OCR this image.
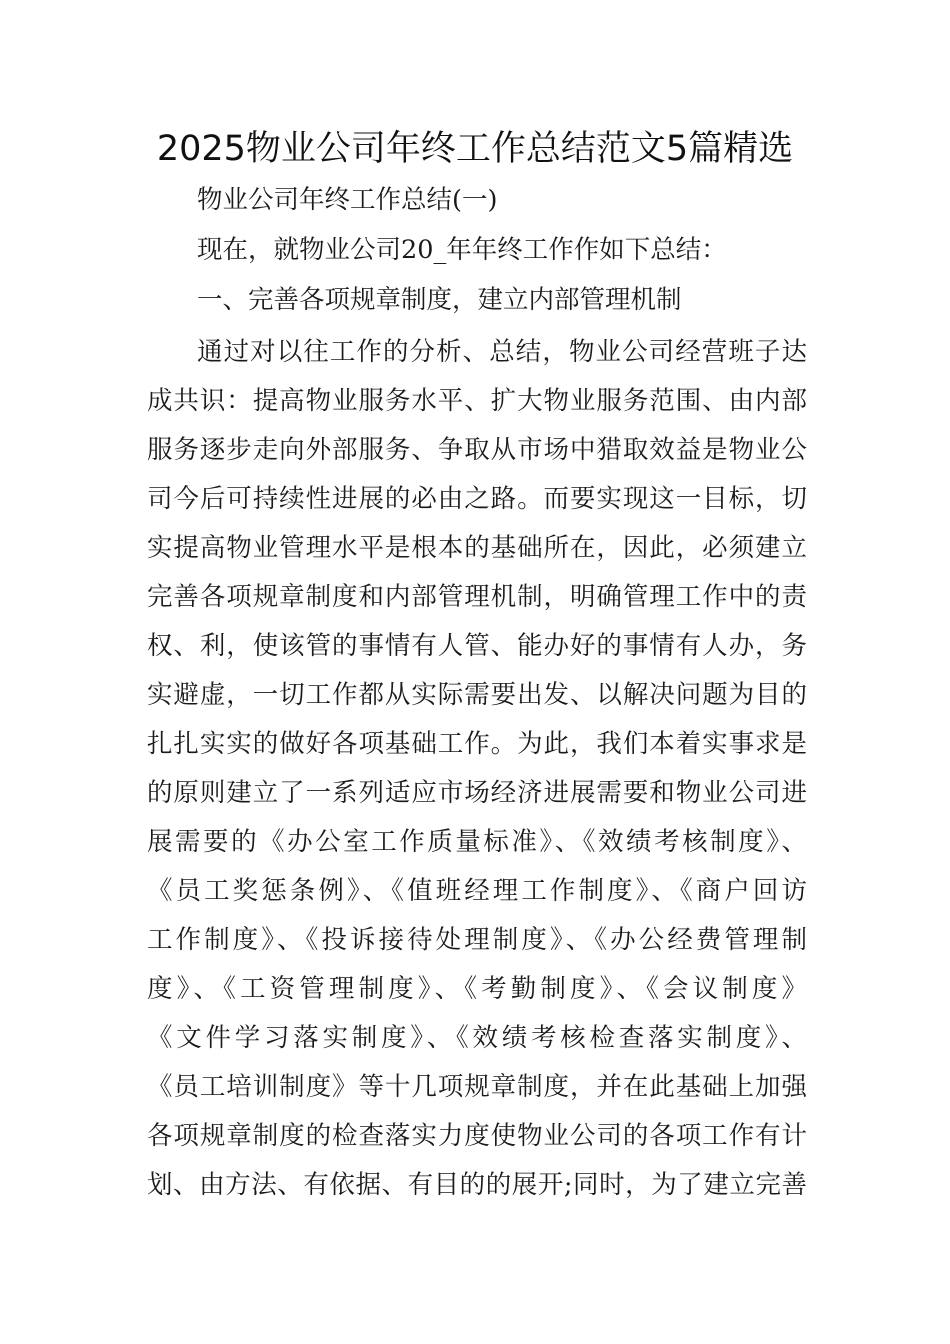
2025物业公司年终工作总结范文5篇精选
物业公司年终工作总结(一)
现在，就物业公司20_年年终工作作如下总结：
一、完善各项规章制度，建立内部管理机制
通过对以往工作的分析、总结，物业公司经营班子达
成共识：提高物业服务水平、扩大物业服务范围、由内部
服务逐步走向外部服务、争取从市场中猎取效益是物业公
司今后可持续性进展的必由之路。而要实现这一目标，切
实提高物业管理水平是根本的基础所在，因此，必须建立
完善各项规章制度和内部管理机制，明确管理工作中的责
权、利，使该管的事情有人管、能办好的事情有人办，务
实避虚，一切工作都从实际需要出发、以解决问题为目的
扎扎实实的做好各项基础工作。为此，我们本着实事求是
的原则建立了一系列适应市场经济进展需要和物业公司进
展需要的《办公室工作质量标准》、《效绩考核制度》、
《员工奖惩条例》、《值班经理工作制度》、《商户回访
工作制度》、《投诉接待处理制度》、《办公经费管理制
度》、《工资管理制度》、《考勤制度》、《会议制度》
《文件学习落实制度》、《效绩考核检查落实制度》、
《员工培训制度》等十几项规章制度，并在此基础上加强
各项规章制度的检查落实力度使物业公司的各项工作有计
划、由方法、有依据、有目的的展开;同时，为了建立完善
